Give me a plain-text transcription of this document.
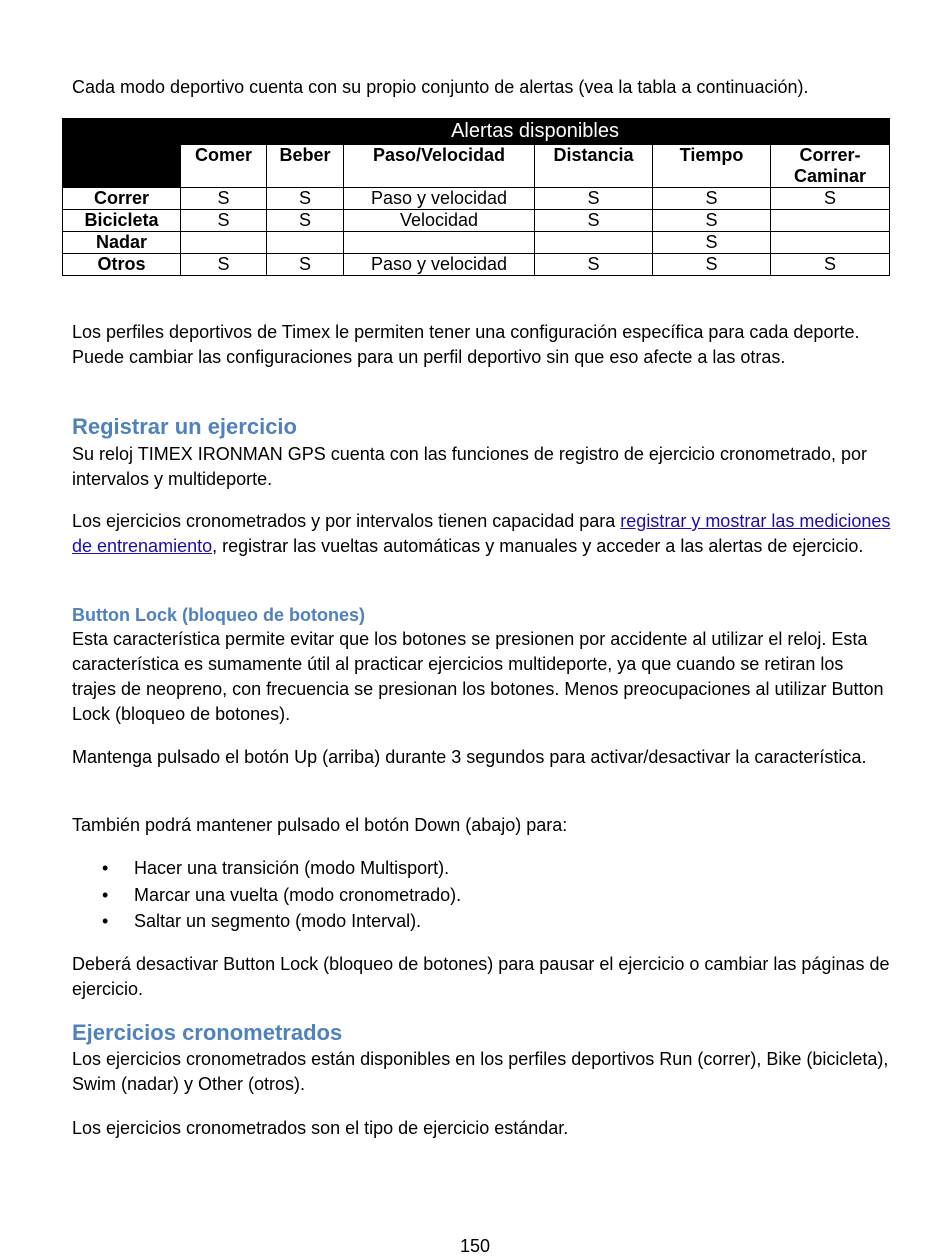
Cada modo deportivo cuenta con su propio conjunto de alertas (vea la tabla a continuación).

	Alertas disponibles					
	Comer	Beber	Paso/Velocidad	Distancia	Tiempo	Correr-Caminar
Correr	S	S	Paso y velocidad	S	S	S
Bicicleta	S	S	Velocidad	S	S	
Nadar					S	
Otros	S	S	Paso y velocidad	S	S	S

Los perfiles deportivos de Timex le permiten tener una configuración específica para cada deporte. Puede cambiar las configuraciones para un perfil deportivo sin que eso afecte a las otras.

Registrar un ejercicio

Su reloj TIMEX IRONMAN GPS cuenta con las funciones de registro de ejercicio cronometrado, por intervalos y multideporte.

Los ejercicios cronometrados y por intervalos tienen capacidad para registrar y mostrar las mediciones de entrenamiento, registrar las vueltas automáticas y manuales y acceder a las alertas de ejercicio.

Button Lock (bloqueo de botones)

Esta característica permite evitar que los botones se presionen por accidente al utilizar el reloj. Esta característica es sumamente útil al practicar ejercicios multideporte, ya que cuando se retiran los trajes de neopreno, con frecuencia se presionan los botones. Menos preocupaciones al utilizar Button Lock (bloqueo de botones).

Mantenga pulsado el botón Up (arriba) durante 3 segundos para activar/desactivar la característica.

También podrá mantener pulsado el botón Down (abajo) para:

• Hacer una transición (modo Multisport).
• Marcar una vuelta (modo cronometrado).
• Saltar un segmento (modo Interval).

Deberá desactivar Button Lock (bloqueo de botones) para pausar el ejercicio o cambiar las páginas de ejercicio.

Ejercicios cronometrados

Los ejercicios cronometrados están disponibles en los perfiles deportivos Run (correr), Bike (bicicleta), Swim (nadar) y Other (otros).

Los ejercicios cronometrados son el tipo de ejercicio estándar.

150
